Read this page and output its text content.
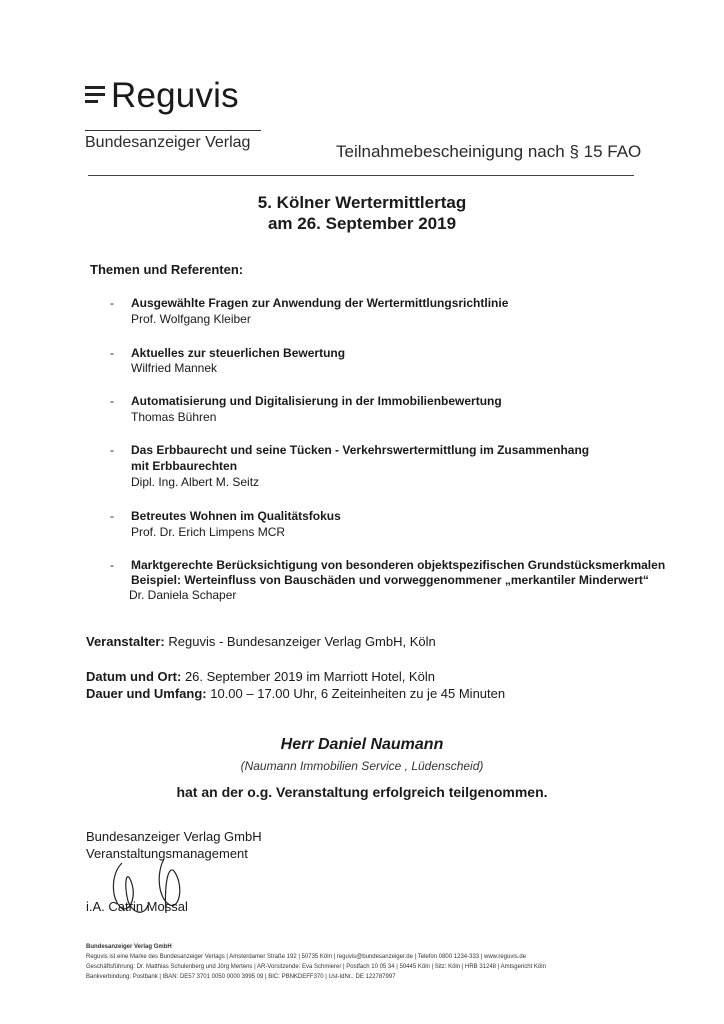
Reguvis
Bundesanzeiger Verlag	Teilnahmebescheinigung nach § 15 FAO
5. Kölner Wertermittlertag
am 26. September 2019
Themen und Referenten:
- Ausgewählte Fragen zur Anwendung der Wertermittlungsrichtlinie
Prof. Wolfgang Kleiber
- Aktuelles zur steuerlichen Bewertung
Wilfried Mannek
- Automatisierung und Digitalisierung in der Immobilienbewertung
Thomas Bühren
- Das Erbbaurecht und seine Tücken - Verkehrswertermittlung im Zusammenhang
mit Erbbaurechten
Dipl. Ing. Albert M. Seitz
- Betreutes Wohnen im Qualitätsfokus
Prof. Dr. Erich Limpens MCR
- Marktgerechte Berücksichtigung von besonderen objektspezifischen Grundstücksmerkmalen
Beispiel: Werteinfluss von Bauschäden und vorweggenommener „merkantiler Minderwert“
Dr. Daniela Schaper
Veranstalter: Reguvis - Bundesanzeiger Verlag GmbH, Köln
Datum und Ort: 26. September 2019 im Marriott Hotel, Köln
Dauer und Umfang: 10.00 – 17.00 Uhr, 6 Zeiteinheiten zu je 45 Minuten
Herr Daniel Naumann
(Naumann Immobilien Service , Lüdenscheid)
hat an der o.g. Veranstaltung erfolgreich teilgenommen.
Bundesanzeiger Verlag GmbH
Veranstaltungsmanagement
i.A. Catrin Mossal
Bundesanzeiger Verlag GmbH
Reguvis ist eine Marke des Bundesanzeiger Verlags | Amsterdamer Straße 192 | 50735 Köln | reguvis@bundesanzeiger.de | Telefon 0800 1234-333 | www.reguvis.de
Geschäftsführung: Dr. Matthias Schulenberg und Jörg Mertens | AR-Vorsitzende: Eva Schmierer | Postfach 10 05 34 | 50445 Köln | Sitz: Köln | HRB 31248 | Amtsgericht Köln
Bankverbindung: Postbank | IBAN: DE57 3701 0050 0000 3995 09 | BIC: PBNKDEFF370 | Ust-IdNr.: DE 122787997
